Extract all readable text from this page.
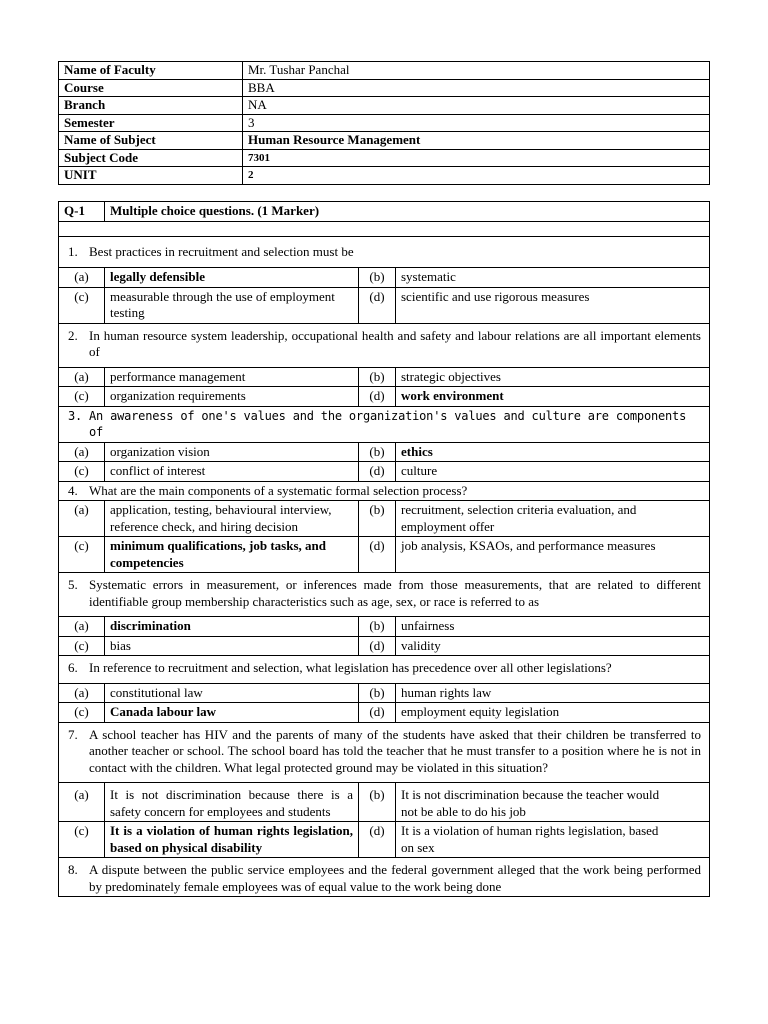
Name of Faculty	Mr. Tushar Panchal
Course	BBA
Branch	NA
Semester	3
Name of Subject	Human Resource Management
Subject Code	7301
UNIT	2
Q-1	Multiple choice questions. (1 Marker)		

1. Best practices in recruitment and selection must be			
(a)	legally defensible	(b)	systematic
(c)	measurable through the use of employment testing	(d)	scientific and use rigorous measures
2. In human resource system leadership, occupational health and safety and labour relations are all important elements of			
(a)	performance management	(b)	strategic objectives
(c)	organization requirements	(d)	work environment
3. An awareness of one's values and the organization's values and culture are components of			
(a)	organization vision	(b)	ethics
(c)	conflict of interest	(d)	culture
4. What are the main components of a systematic formal selection process?			
(a)	application, testing, behavioural interview, reference check, and hiring decision	(b)	recruitment, selection criteria evaluation, and employment offer
(c)	minimum qualifications, job tasks, and competencies	(d)	job analysis, KSAOs, and performance measures
5. Systematic errors in measurement, or inferences made from those measurements, that are related to different identifiable group membership characteristics such as age, sex, or race is referred to as			
(a)	discrimination	(b)	unfairness
(c)	bias	(d)	validity
6. In reference to recruitment and selection, what legislation has precedence over all other legislations?			
(a)	constitutional law	(b)	human rights law
(c)	Canada labour law	(d)	employment equity legislation
7. A school teacher has HIV and the parents of many of the students have asked that their children be transferred to another teacher or school. The school board has told the teacher that he must transfer to a position where he is not in contact with the children. What legal protected ground may be violated in this situation?			
(a)	It is not discrimination because there is a safety concern for employees and students	(b)	It is not discrimination because the teacher would not be able to do his job
(c)	It is a violation of human rights legislation, based on physical disability	(d)	It is a violation of human rights legislation, based on sex
8. A dispute between the public service employees and the federal government alleged that the work being performed by predominately female employees was of equal value to the work being done			
